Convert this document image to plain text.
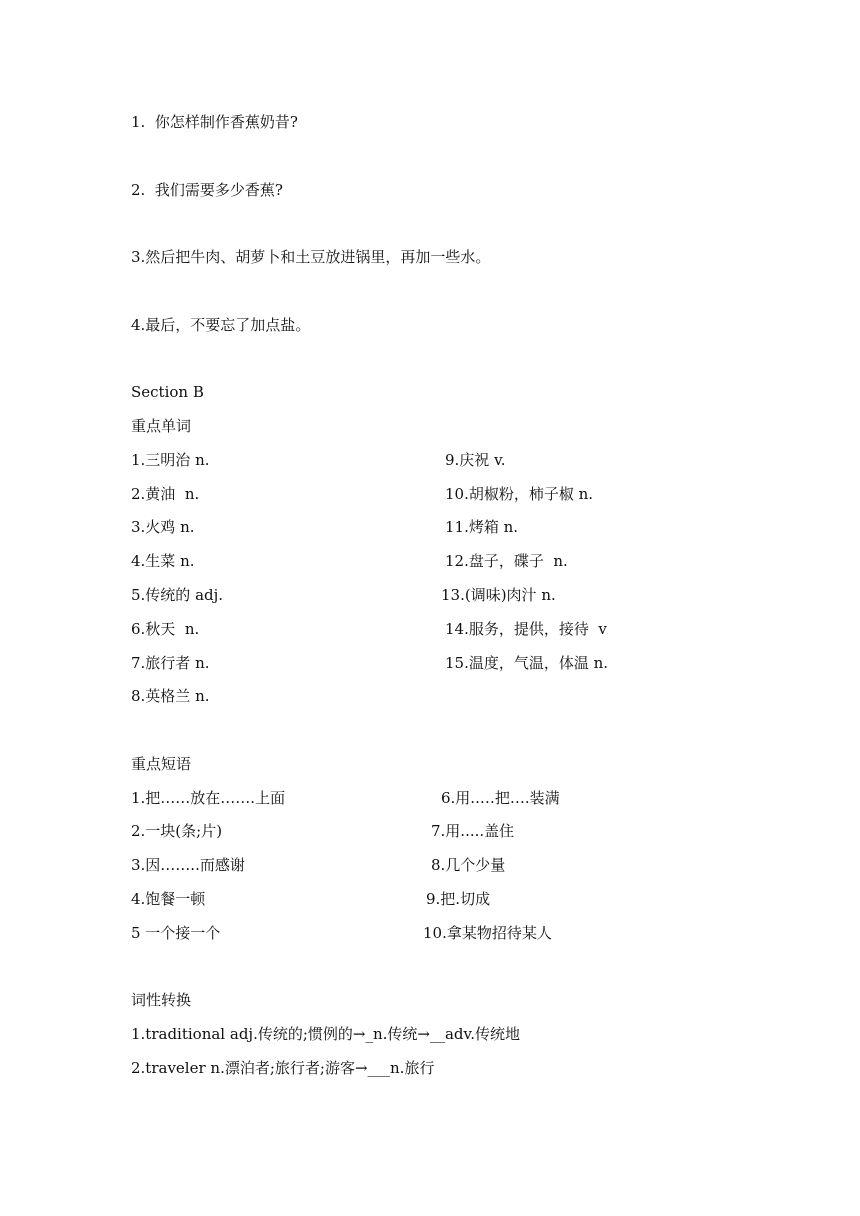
1.  你怎样制作香蕉奶昔?
2.  我们需要多少香蕉?
3.然后把牛肉、胡萝卜和土豆放进锅里，再加一些水。
4.最后，不要忘了加点盐。
Section B
重点单词
1.三明治 n.
2.黄油  n.
3.火鸡 n.
4.生菜 n.
5.传统的 adj.
6.秋天  n.
7.旅行者 n.
8.英格兰 n.
9.庆祝 v.
10.胡椒粉，柿子椒 n.
11.烤箱 n.
12.盘子，碟子  n.
13.(调味)肉汁 n.
14.服务，提供，接待  v
15.温度，气温，体温 n.
重点短语
1.把……放在…….上面
2.一块(条;片)
3.因……..而感谢
4.饱餐一顿
5 一个接一个
6.用..…把….装满
7.用.....盖住
8.几个少量
9.把.切成
10.拿某物招待某人
词性转换
1.traditional adj.传统的;惯例的→_n.传统→__adv.传统地
2.traveler n.漂泊者;旅行者;游客→___n.旅行
